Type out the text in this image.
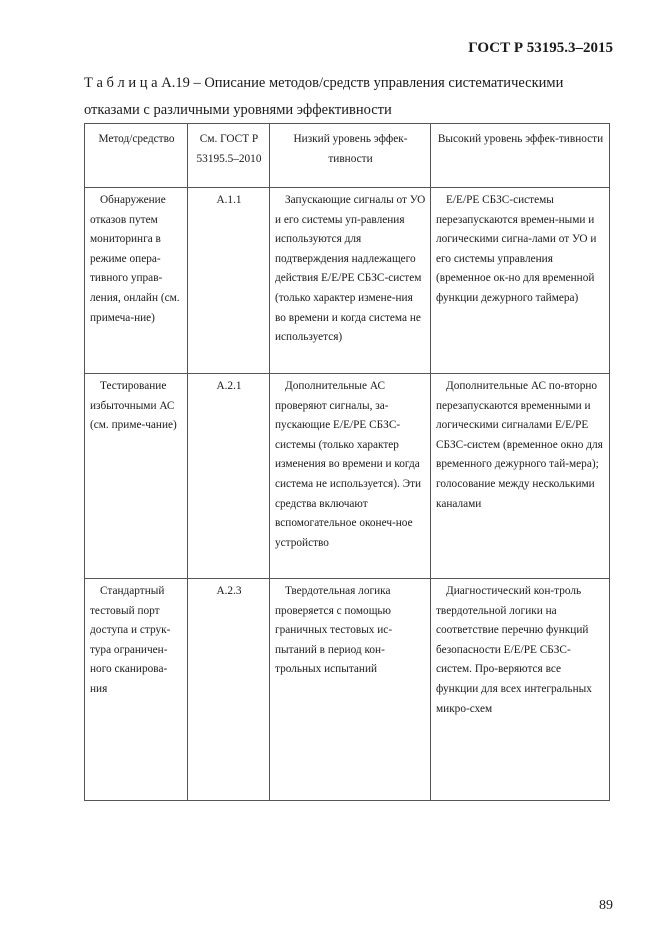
ГОСТ Р 53195.3–2015
Т а б л и ц а А.19 – Описание методов/средств управления систематическими
отказами с различными уровнями эффективности
Метод/средство	См. ГОСТ Р 53195.5–2010	Низкий уровень эффек-тивности	Высокий уровень эффек-тивности

Обнаружение отказов путем мониторинга в режиме опера-тивного управ-ления, онлайн (см. примеча-ние)	А.1.1	Запускающие сигналы от УО и его системы уп-равления используются для подтверждения надлежащего действия E/E/PE СБЗС-систем (только характер измене-ния во времени и когда система не используется)	E/E/PE СБЗС-системы перезапускаются времен-ными и логическими сигна-лами от УО и его системы управления (временное ок-но для временной функции дежурного таймера)

Тестирование избыточными АС (см. приме-чание)	А.2.1	Дополнительные АС проверяют сигналы, за-пускающие E/E/PE СБЗС-системы (только характер изменения во времени и когда система не используется). Эти средства включают вспомогательное оконеч-ное устройство	Дополнительные АС по-вторно перезапускаются временными и логическими сигналами E/E/PE СБЗС-систем (временное окно для временного дежурного тай-мера); голосование между несколькими каналами

Стандартный тестовый порт доступа и струк-тура ограничен-ного сканирова-ния	А.2.3	Твердотельная логика проверяется с помощью граничных тестовых ис-пытаний в период кон-трольных испытаний	Диагностический кон-троль твердотельной логики на соответствие перечню функций безопасности E/E/PE СБЗС- систем. Про-веряются все функции для всех интегральных микро-схем
89
